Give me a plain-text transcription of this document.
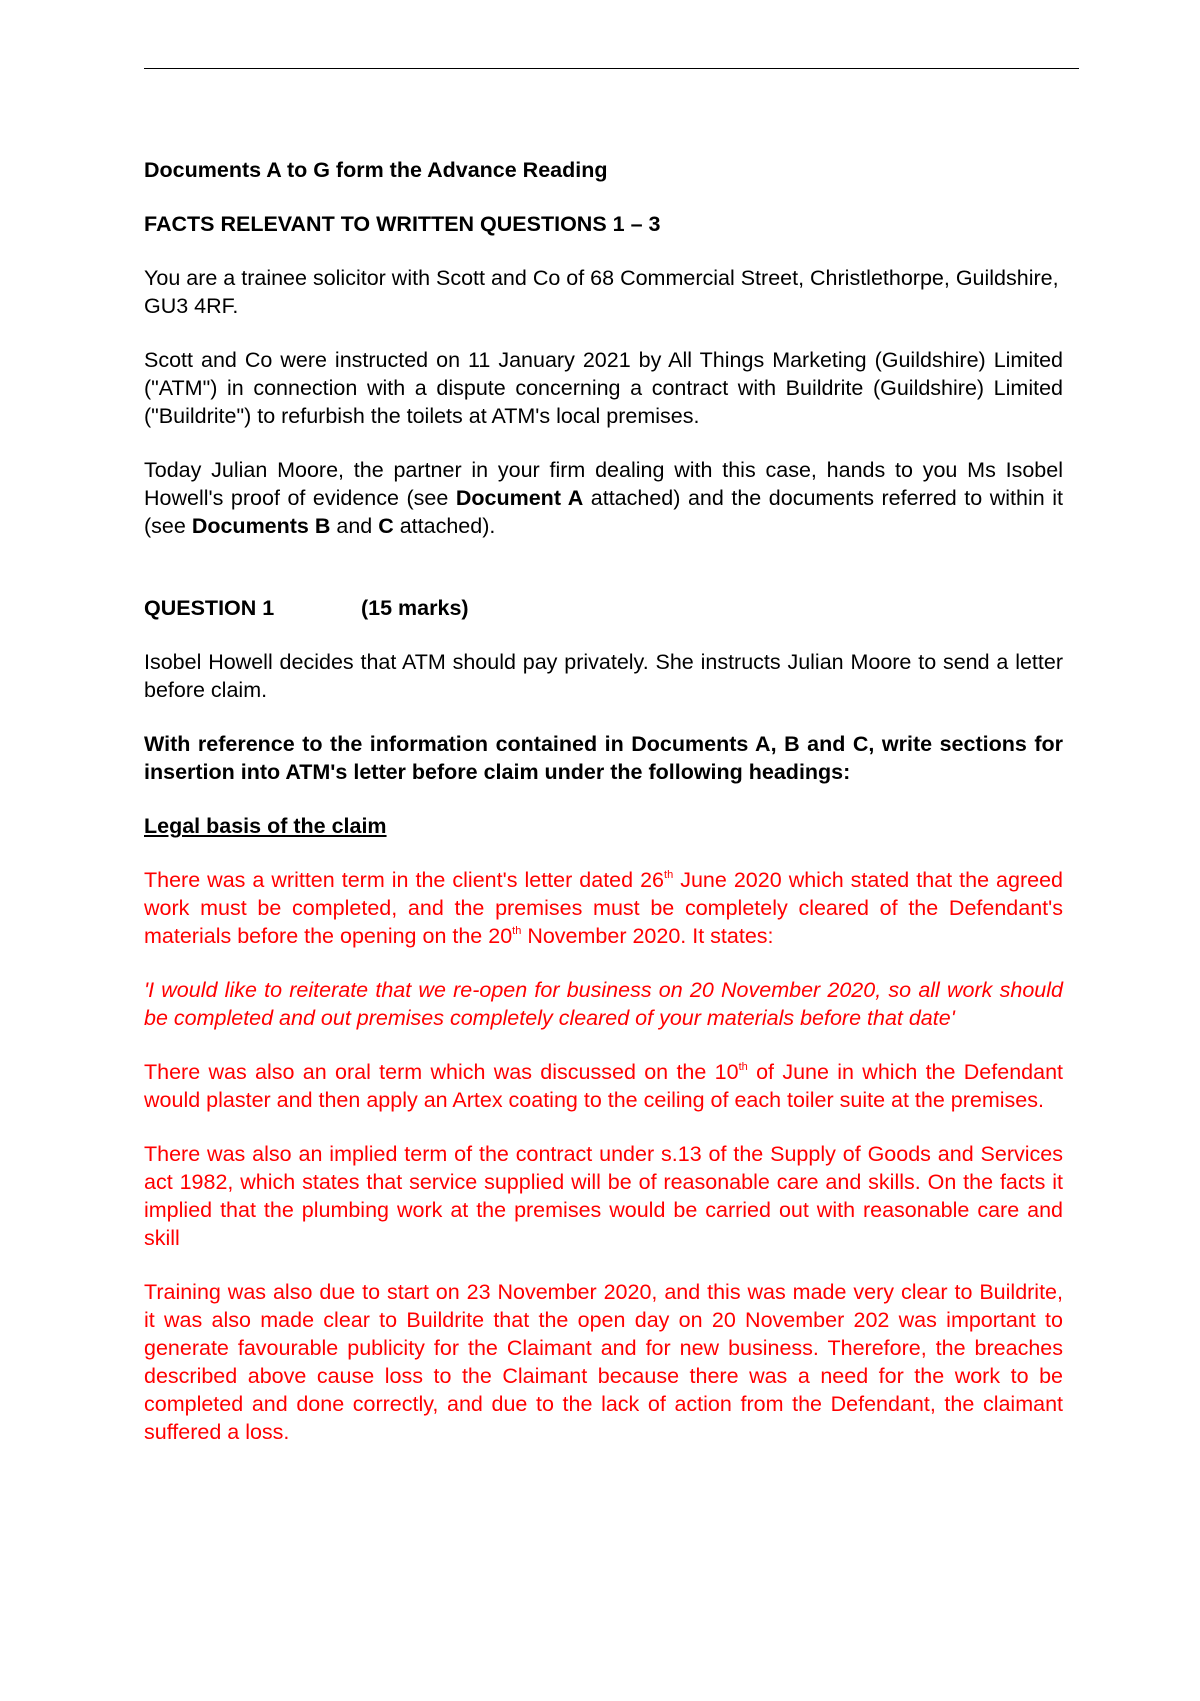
Documents A to G form the Advance Reading

FACTS RELEVANT TO WRITTEN QUESTIONS 1 – 3

You are a trainee solicitor with Scott and Co of 68 Commercial Street, Christlethorpe, Guildshire, GU3 4RF.

Scott and Co were instructed on 11 January 2021 by All Things Marketing (Guildshire) Limited ("ATM") in connection with a dispute concerning a contract with Buildrite (Guildshire) Limited ("Buildrite") to refurbish the toilets at ATM's local premises.

Today Julian Moore, the partner in your firm dealing with this case, hands to you Ms Isobel Howell's proof of evidence (see Document A attached) and the documents referred to within it (see Documents B and C attached).

QUESTION 1	(15 marks)

Isobel Howell decides that ATM should pay privately. She instructs Julian Moore to send a letter before claim.

With reference to the information contained in Documents A, B and C, write sections for insertion into ATM's letter before claim under the following headings:

Legal basis of the claim

There was a written term in the client's letter dated 26th June 2020 which stated that the agreed work must be completed, and the premises must be completely cleared of the Defendant's materials before the opening on the 20th November 2020. It states:

'I would like to reiterate that we re-open for business on 20 November 2020, so all work should be completed and out premises completely cleared of your materials before that date'

There was also an oral term which was discussed on the 10th of June in which the Defendant would plaster and then apply an Artex coating to the ceiling of each toiler suite at the premises.

There was also an implied term of the contract under s.13 of the Supply of Goods and Services act 1982, which states that service supplied will be of reasonable care and skills. On the facts it implied that the plumbing work at the premises would be carried out with reasonable care and skill

Training was also due to start on 23 November 2020, and this was made very clear to Buildrite, it was also made clear to Buildrite that the open day on 20 November 202 was important to generate favourable publicity for the Claimant and for new business. Therefore, the breaches described above cause loss to the Claimant because there was a need for the work to be completed and done correctly, and due to the lack of action from the Defendant, the claimant suffered a loss.
